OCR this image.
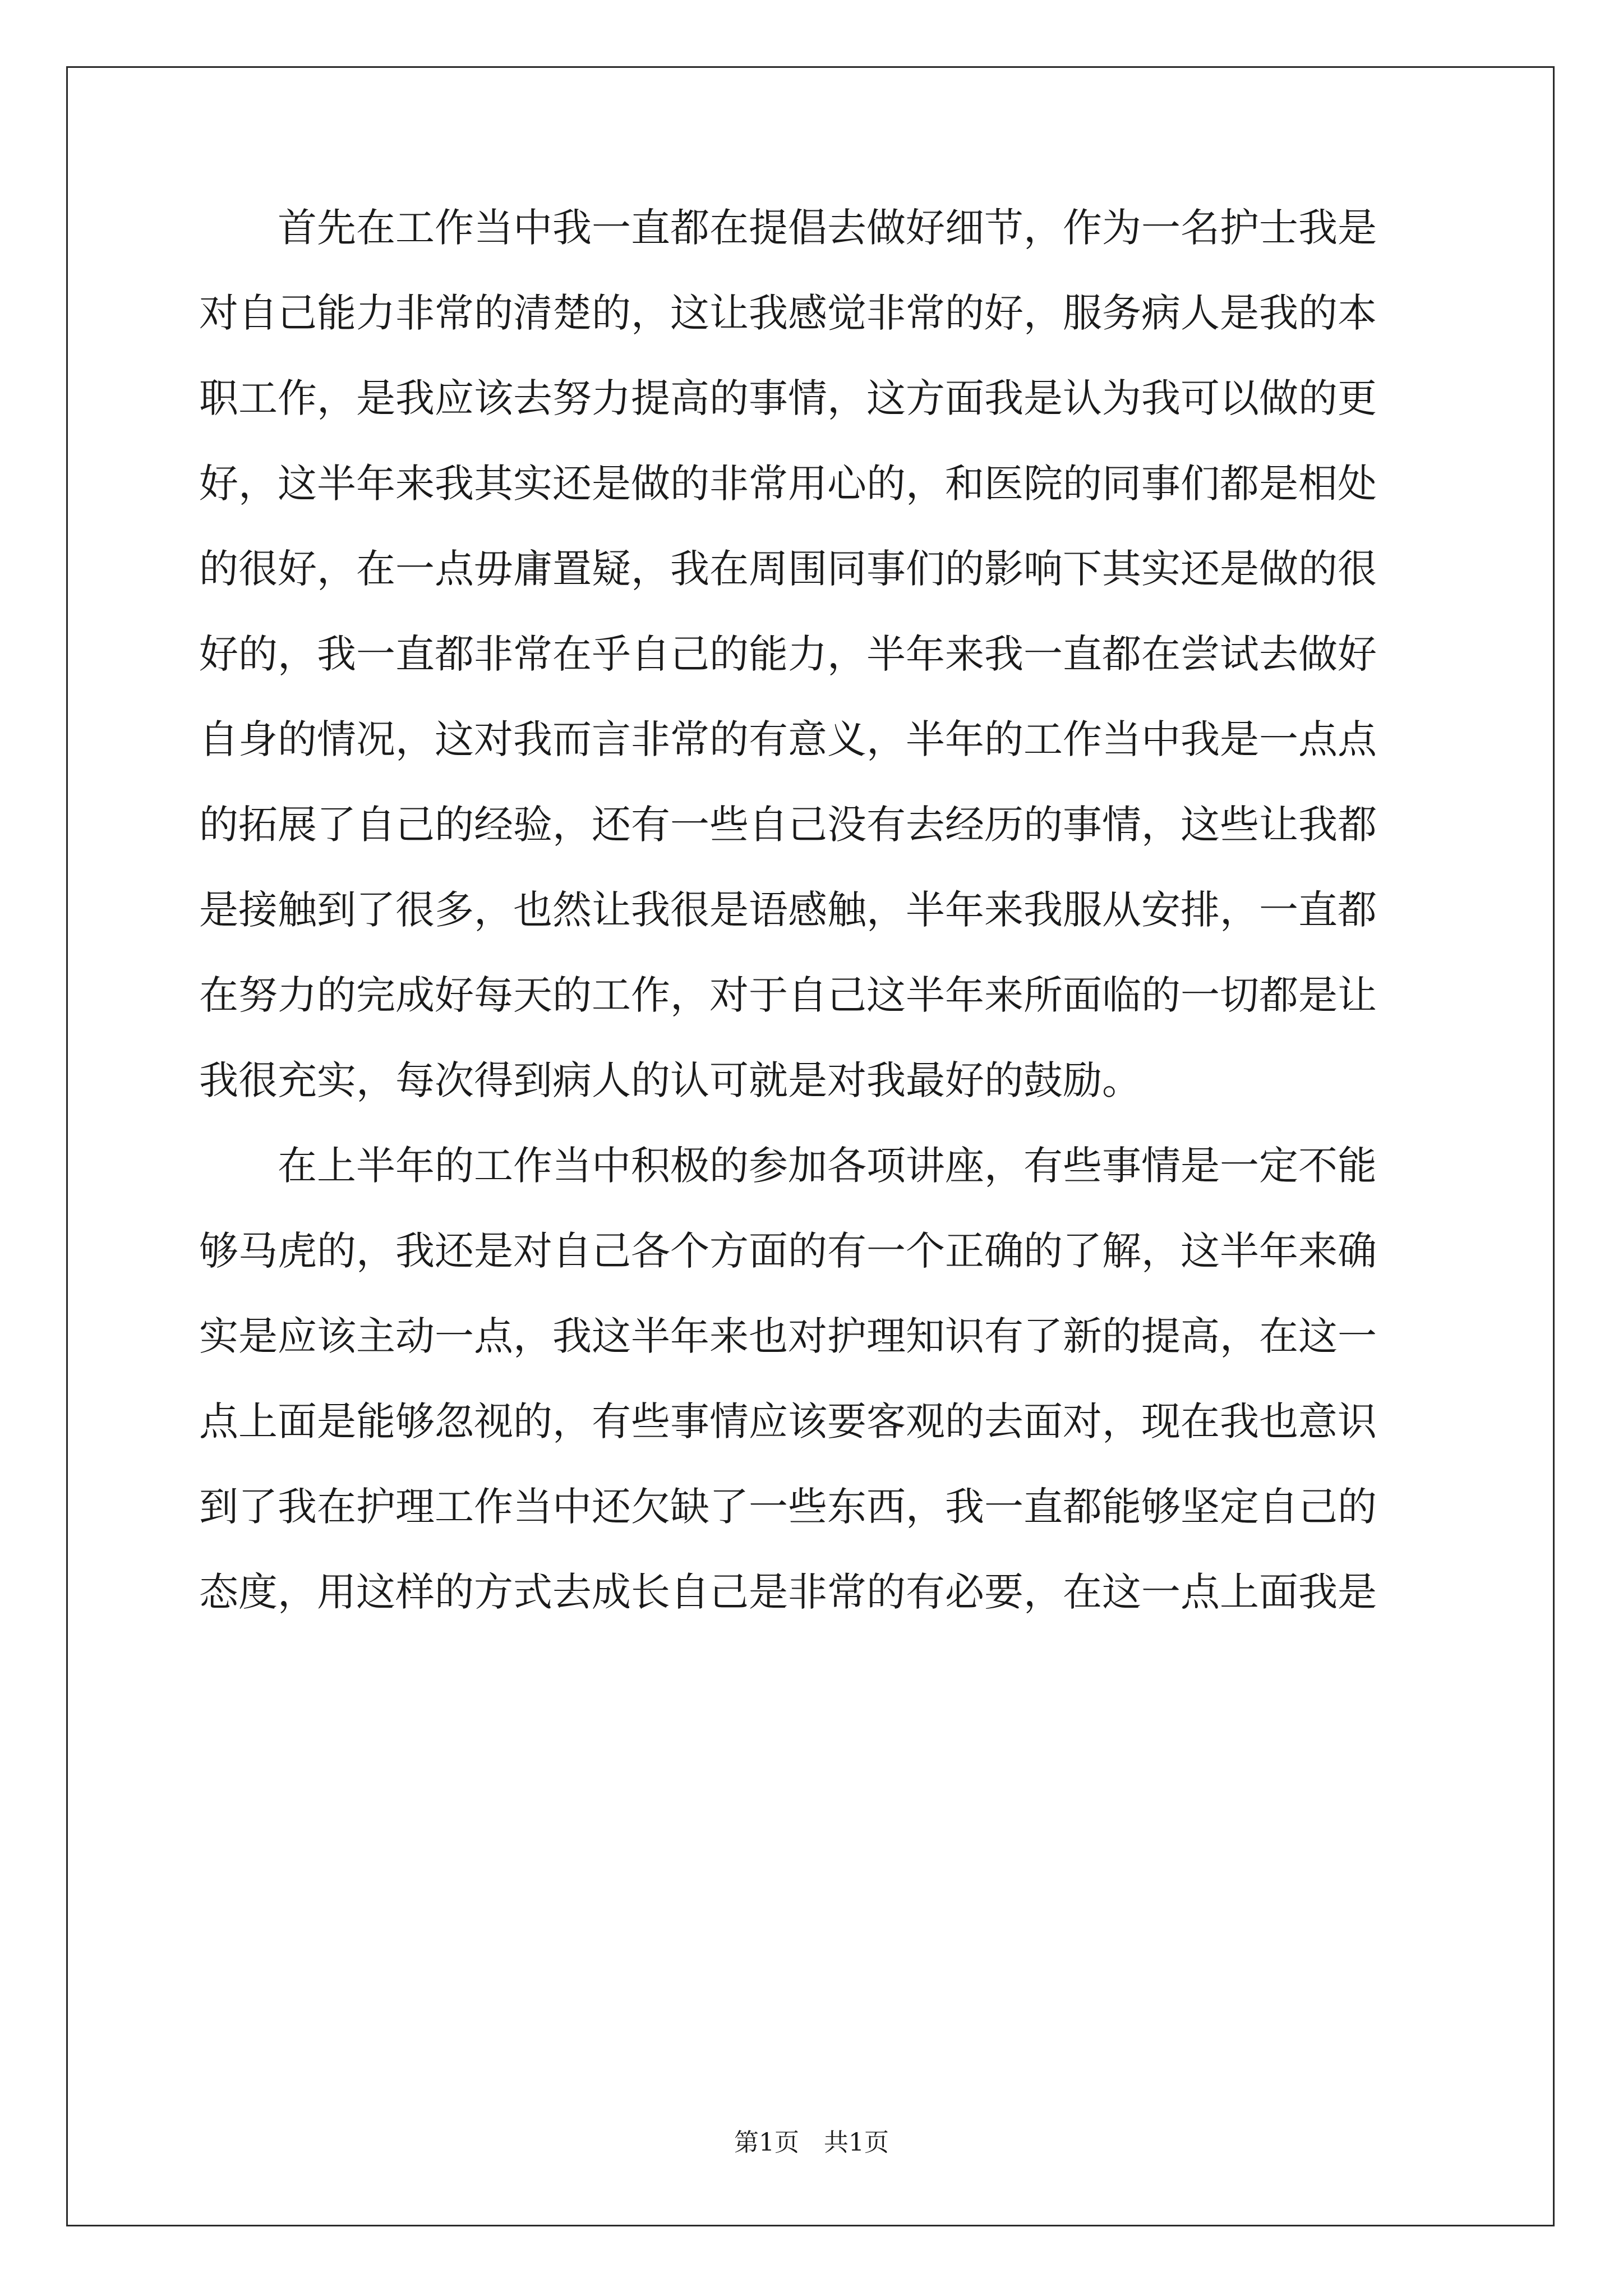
　　首先在工作当中我一直都在提倡去做好细节，作为一名护士我是
对自己能力非常的清楚的，这让我感觉非常的好，服务病人是我的本
职工作，是我应该去努力提高的事情，这方面我是认为我可以做的更
好，这半年来我其实还是做的非常用心的，和医院的同事们都是相处
的很好，在一点毋庸置疑，我在周围同事们的影响下其实还是做的很
好的，我一直都非常在乎自己的能力，半年来我一直都在尝试去做好
自身的情况，这对我而言非常的有意义，半年的工作当中我是一点点
的拓展了自己的经验，还有一些自己没有去经历的事情，这些让我都
是接触到了很多，也然让我很是语感触，半年来我服从安排，一直都
在努力的完成好每天的工作，对于自己这半年来所面临的一切都是让
我很充实，每次得到病人的认可就是对我最好的鼓励。
　　在上半年的工作当中积极的参加各项讲座，有些事情是一定不能
够马虎的，我还是对自己各个方面的有一个正确的了解，这半年来确
实是应该主动一点，我这半年来也对护理知识有了新的提高，在这一
点上面是能够忽视的，有些事情应该要客观的去面对，现在我也意识
到了我在护理工作当中还欠缺了一些东西，我一直都能够坚定自己的
态度，用这样的方式去成长自己是非常的有必要，在这一点上面我是
第1页　共1页
